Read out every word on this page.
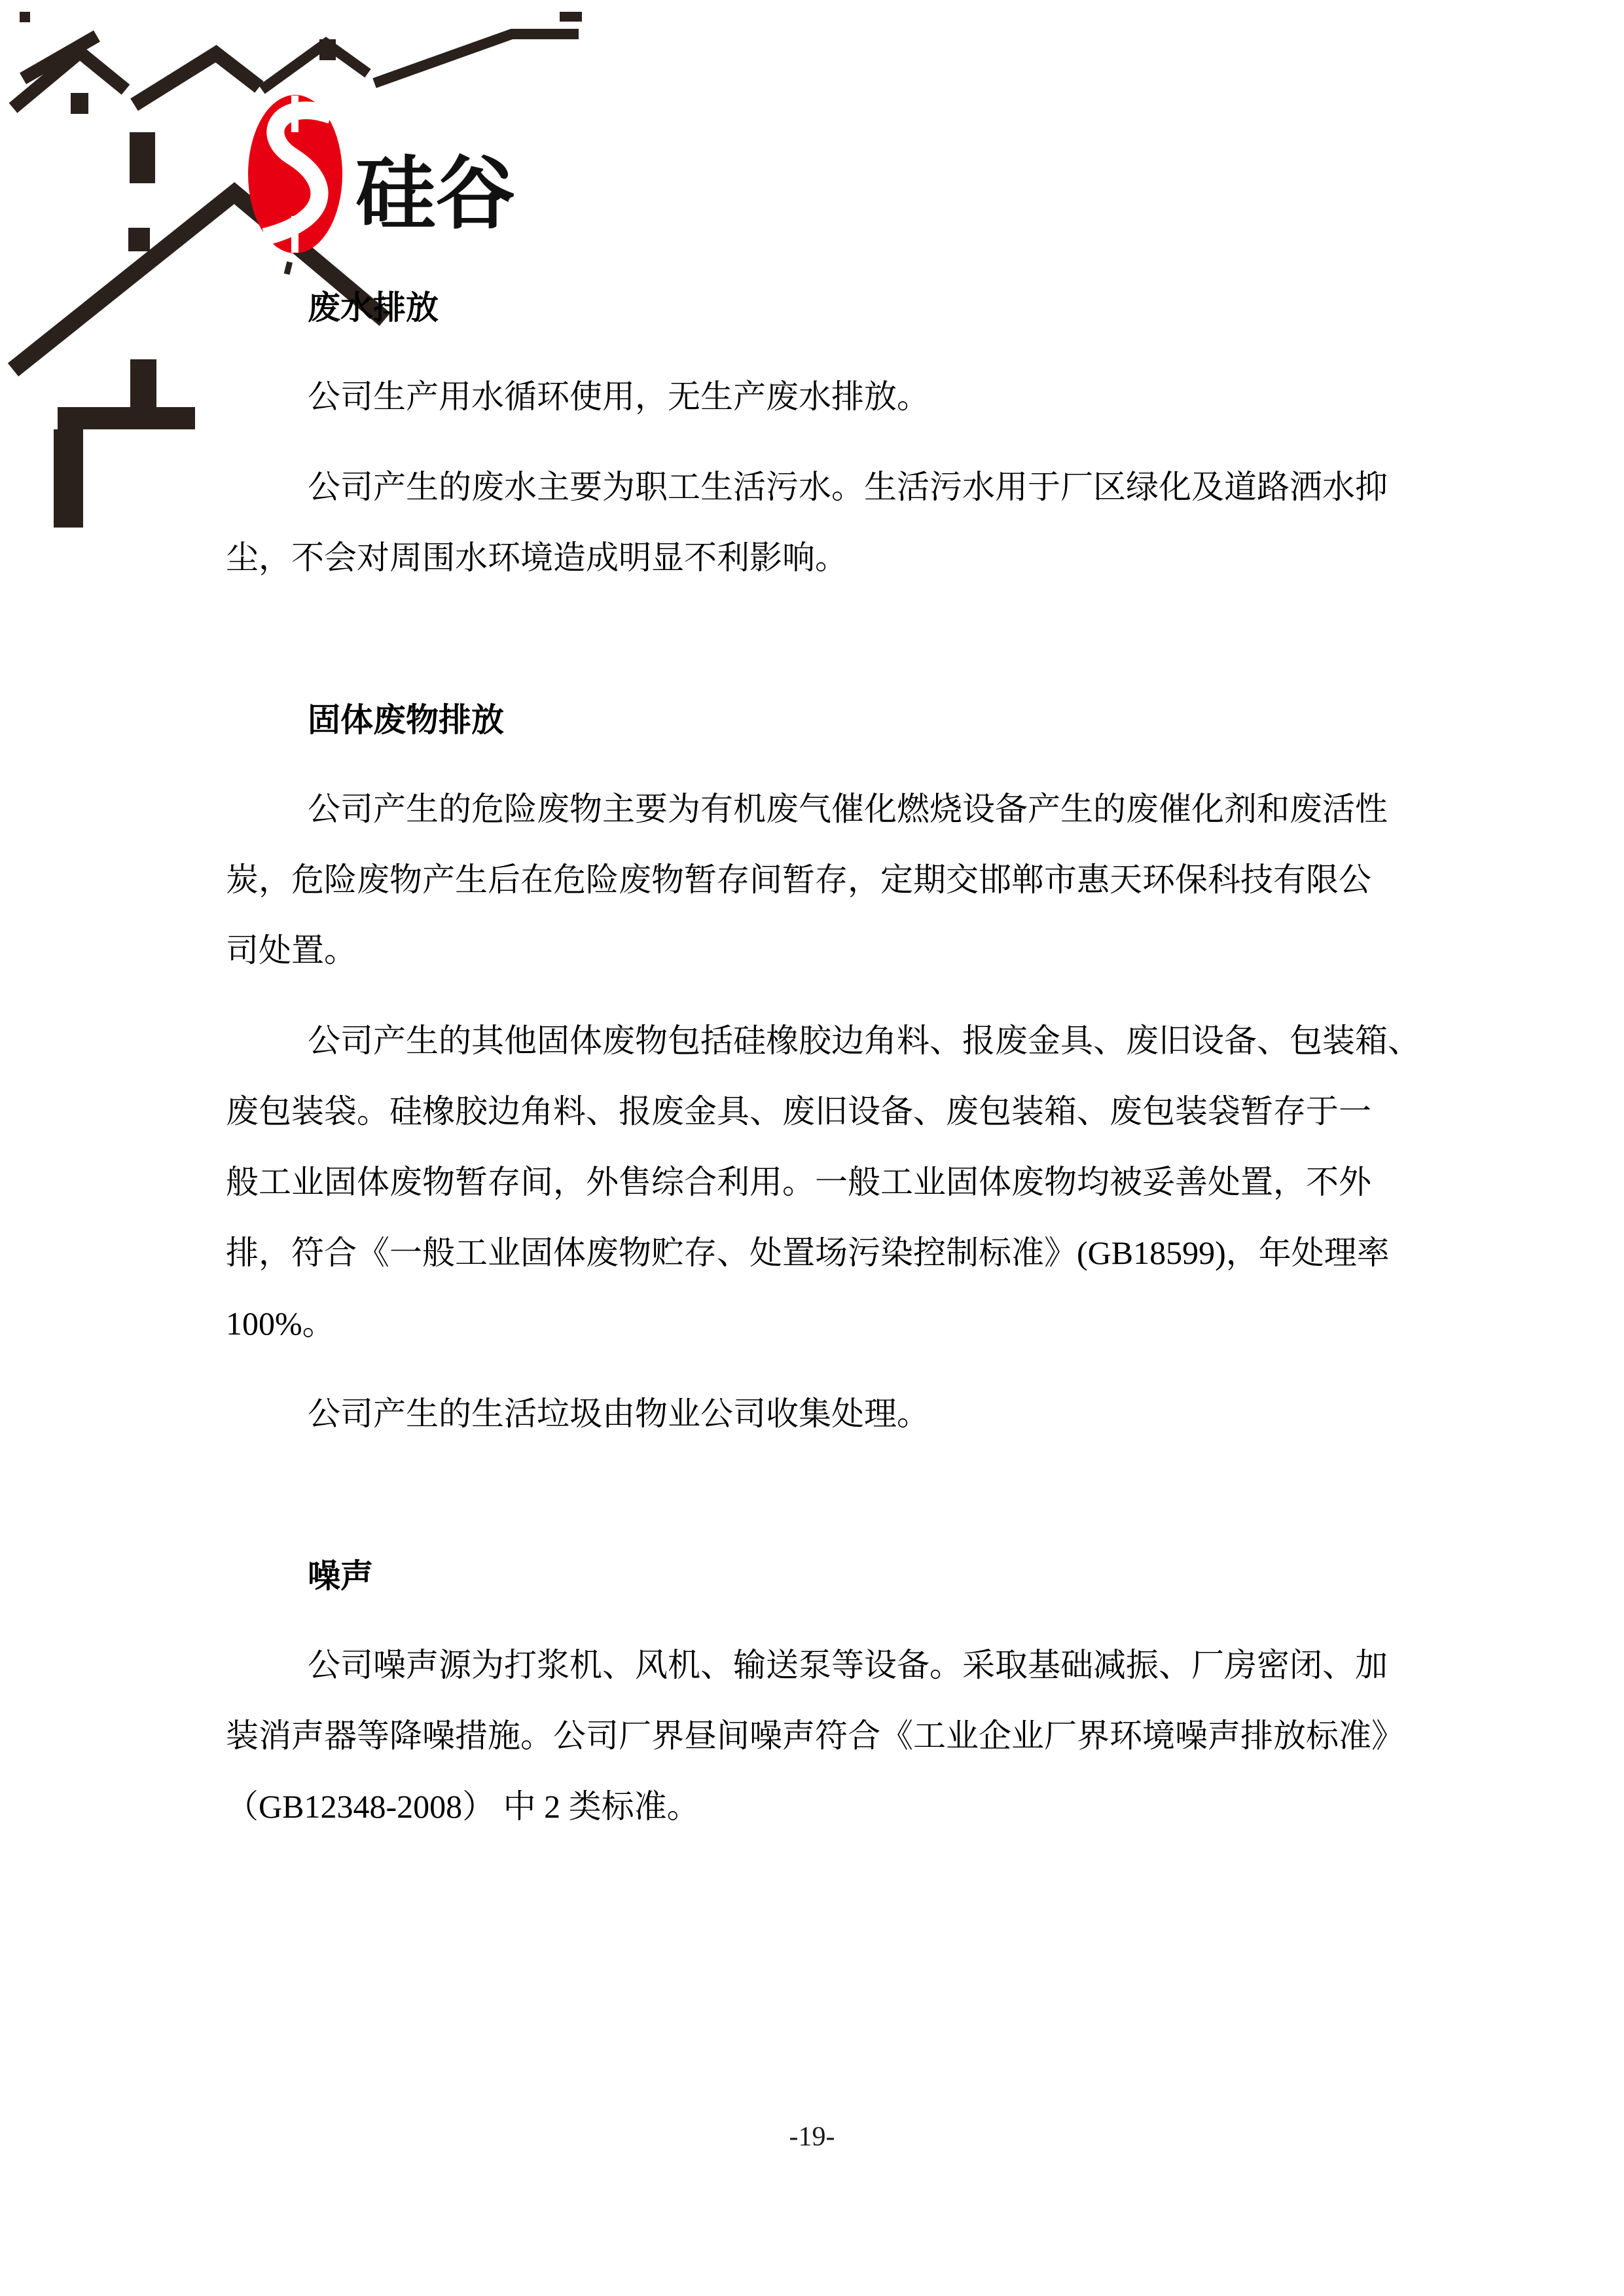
硅谷
废水排放

公司生产用水循环使用，无生产废水排放。

公司产生的废水主要为职工生活污水。生活污水用于厂区绿化及道路洒水抑
尘，不会对周围水环境造成明显不利影响。

固体废物排放

公司产生的危险废物主要为有机废气催化燃烧设备产生的废催化剂和废活性
炭，危险废物产生后在危险废物暂存间暂存，定期交邯郸市惠天环保科技有限公
司处置。

公司产生的其他固体废物包括硅橡胶边角料、报废金具、废旧设备、包装箱、
废包装袋。硅橡胶边角料、报废金具、废旧设备、废包装箱、废包装袋暂存于一
般工业固体废物暂存间，外售综合利用。一般工业固体废物均被妥善处置，不外
排，符合《一般工业固体废物贮存、处置场污染控制标准》(GB18599)，年处理率
100%。

公司产生的生活垃圾由物业公司收集处理。

噪声

公司噪声源为打浆机、风机、输送泵等设备。采取基础减振、厂房密闭、加
装消声器等降噪措施。公司厂界昼间噪声符合《工业企业厂界环境噪声排放标准》
（GB12348-2008） 中 2 类标准。

-19-
